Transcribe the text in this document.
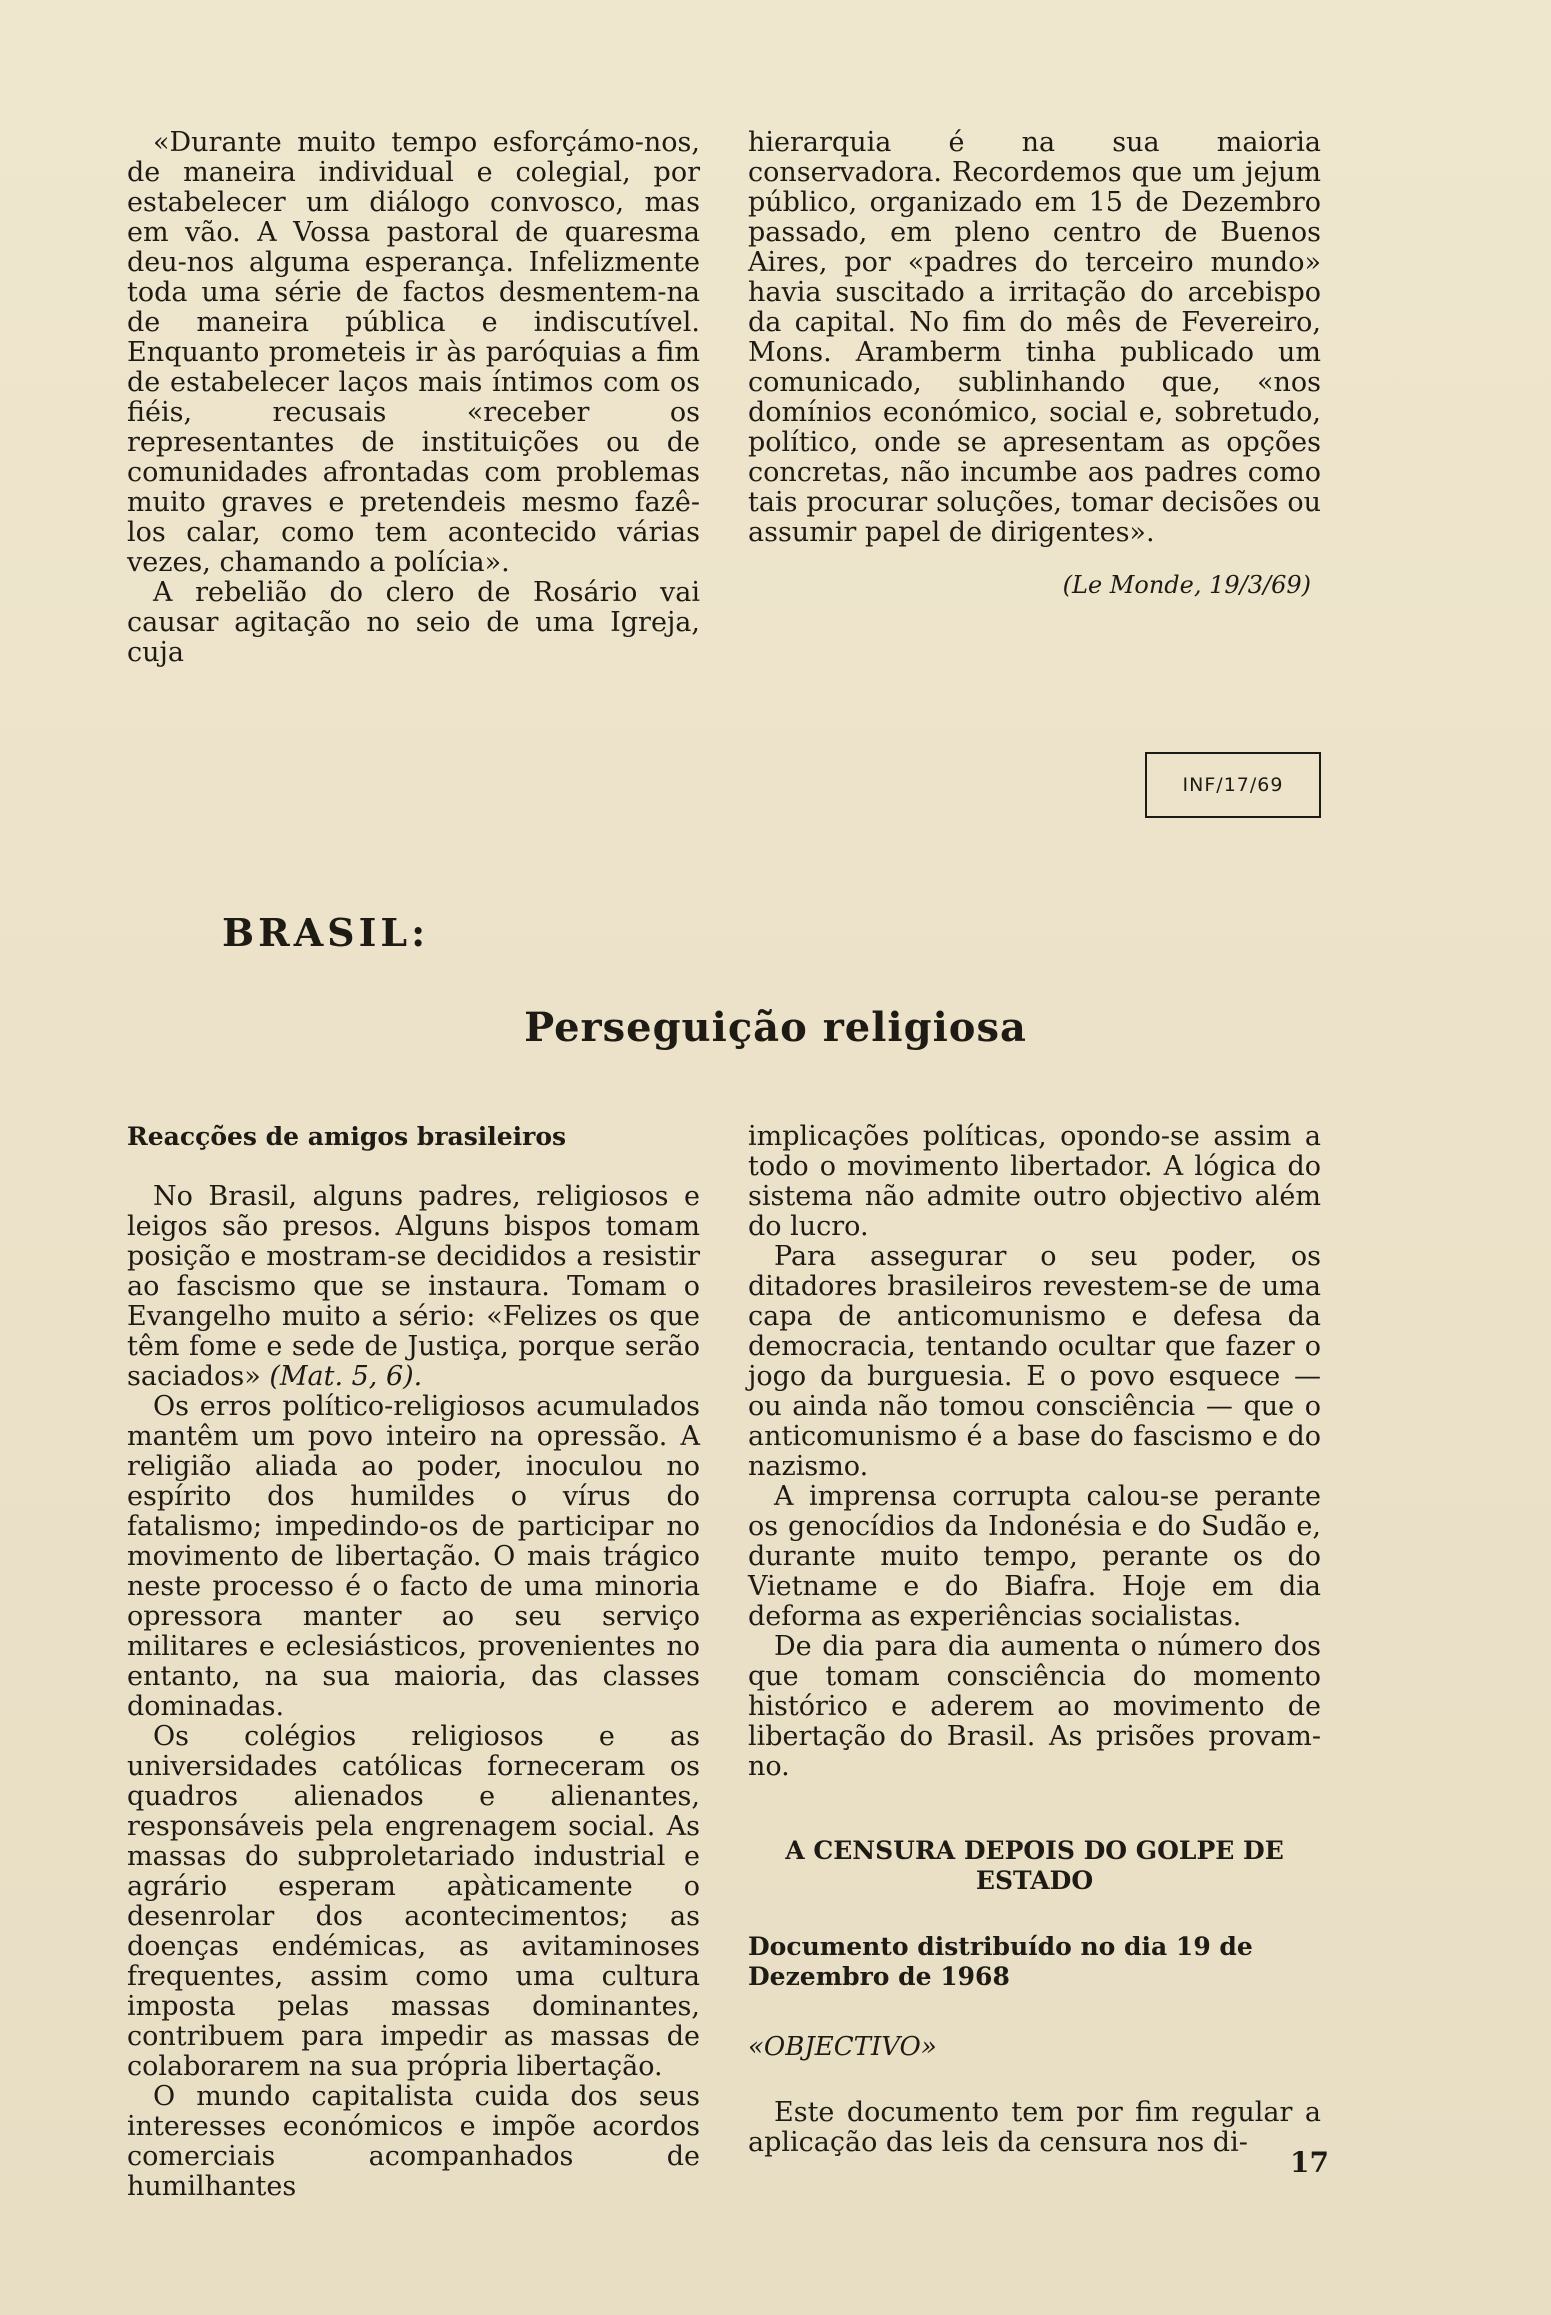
«Durante muito tempo esforçámo-nos, de maneira individual e colegial, por estabelecer um diálogo convosco, mas em vão. A Vossa pastoral de quaresma deu-nos alguma esperança. Infelizmente toda uma série de factos desmentem-na de maneira pública e indiscutível. Enquanto prometeis ir às paróquias a fim de estabelecer laços mais íntimos com os fiéis, recusais «receber os representantes de instituições ou de comunidades afrontadas com problemas muito graves e pretendeis mesmo fazê-los calar, como tem acontecido várias vezes, chamando a polícia».

A rebelião do clero de Rosário vai causar agitação no seio de uma Igreja, cuja

hierarquia é na sua maioria conservadora. Recordemos que um jejum público, organizado em 15 de Dezembro passado, em pleno centro de Buenos Aires, por «padres do terceiro mundo» havia suscitado a irritação do arcebispo da capital. No fim do mês de Fevereiro, Mons. Aramberm tinha publicado um comunicado, sublinhando que, «nos domínios económico, social e, sobretudo, político, onde se apresentam as opções concretas, não incumbe aos padres como tais procurar soluções, tomar decisões ou assumir papel de dirigentes».

(Le Monde, 19/3/69)

INF/17/69
BRASIL:
Perseguição religiosa

Reacções de amigos brasileiros

No Brasil, alguns padres, religiosos e leigos são presos. Alguns bispos tomam posição e mostram-se decididos a resistir ao fascismo que se instaura. Tomam o Evangelho muito a sério: «Felizes os que têm fome e sede de Justiça, porque serão saciados» (Mat. 5, 6).

Os erros político-religiosos acumulados mantêm um povo inteiro na opressão. A religião aliada ao poder, inoculou no espírito dos humildes o vírus do fatalismo; impedindo-os de participar no movimento de libertação. O mais trágico neste processo é o facto de uma minoria opressora manter ao seu serviço militares e eclesiásticos, provenientes no entanto, na sua maioria, das classes dominadas.

Os colégios religiosos e as universidades católicas forneceram os quadros alienados e alienantes, responsáveis pela engrenagem social. As massas do subproletariado industrial e agrário esperam apàticamente o desenrolar dos acontecimentos; as doenças endémicas, as avitaminoses frequentes, assim como uma cultura imposta pelas massas dominantes, contribuem para impedir as massas de colaborarem na sua própria libertação.

O mundo capitalista cuida dos seus interesses económicos e impõe acordos comerciais acompanhados de humilhantes

implicações políticas, opondo-se assim a todo o movimento libertador. A lógica do sistema não admite outro objectivo além do lucro.

Para assegurar o seu poder, os ditadores brasileiros revestem-se de uma capa de anticomunismo e defesa da democracia, tentando ocultar que fazer o jogo da burguesia. E o povo esquece — ou ainda não tomou consciência — que o anticomunismo é a base do fascismo e do nazismo.

A imprensa corrupta calou-se perante os genocídios da Indonésia e do Sudão e, durante muito tempo, perante os do Vietname e do Biafra. Hoje em dia deforma as experiências socialistas.

De dia para dia aumenta o número dos que tomam consciência do momento histórico e aderem ao movimento de libertação do Brasil. As prisões provam-no.

A CENSURA DEPOIS DO GOLPE DE ESTADO

Documento distribuído no dia 19 de Dezembro de 1968

«OBJECTIVO»

Este documento tem por fim regular a aplicação das leis da censura nos di-

17
